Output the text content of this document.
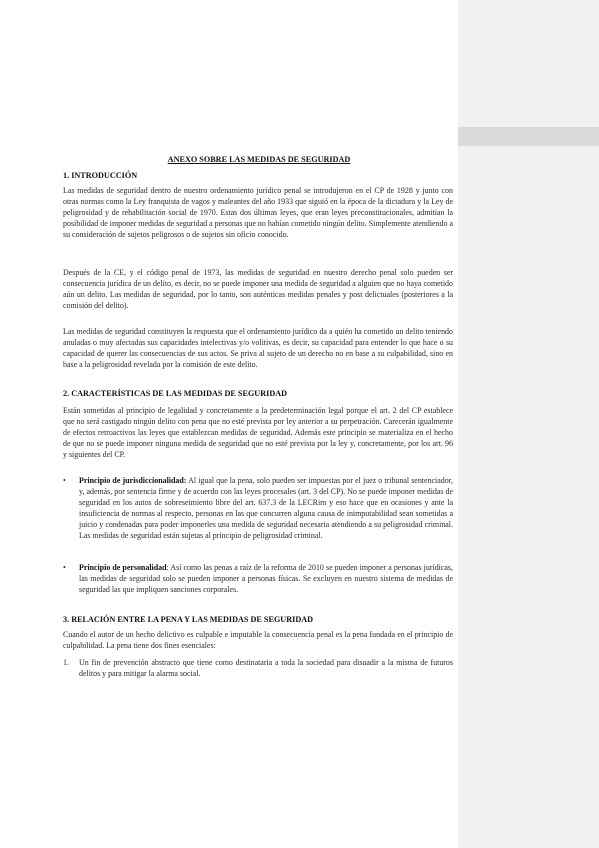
ANEXO SOBRE LAS MEDIDAS DE SEGURIDAD
1. INTRODUCCIÓN
Las medidas de seguridad dentro de nuestro ordenamiento jurídico penal se introdujeron en el CP de 1928 y junto con otras normas como la Ley franquista de vagos y maleantes del año 1933 que siguió en la época de la dictadura y la Ley de peligrosidad y de rehabilitación social de 1970. Estas dos últimas leyes, que eran leyes preconstitucionales, admitían la posibilidad de imponer medidas de seguridad a personas que no habían cometido ningún delito. Simplemente atendiendo a su consideración de sujetos peligrosos o de sujetos sin oficio conocido.
Después de la CE, y el código penal de 1973, las medidas de seguridad en nuestro derecho penal solo pueden ser consecuencia jurídica de un delito, es decir, no se puede imponer una medida de seguridad a alguien que no haya cometido aún un delito. Las medidas de seguridad, por lo tanto, son auténticas medidas penales y post delictuales (posteriores a la comisión del delito).
Las medidas de seguridad constituyen la respuesta que el ordenamiento jurídico da a quién ha cometido un delito teniendo anuladas o muy afectadas sus capacidades intelectivas y/o volitivas, es decir, su capacidad para entender lo que hace o su capacidad de querer las consecuencias de sus actos. Se priva al sujeto de un derecho no en base a su culpabilidad, sino en base a la peligrosidad revelada por la comisión de este delito.
2. CARACTERÍSTICAS DE LAS MEDIDAS DE SEGURIDAD
Están sometidas al principio de legalidad y concretamente a la predeterminación legal porque el art. 2 del CP establece que no será castigado ningún delito con pena que no esté prevista por ley anterior a su perpetración. Carecerán igualmente de efectos retroactivos las leyes que establezcan medidas de seguridad. Además este principio se materializa en el hecho de que no se puede imponer ninguna medida de seguridad que no esté prevista por la ley y, concretamente, por los art. 96 y siguientes del CP.
• Principio de jurisdiccionalidad: Al igual que la pena, solo pueden ser impuestas por el juez o tribunal sentenciador, y, además, por sentencia firme y de acuerdo con las leyes procesales (art. 3 del CP). No se puede imponer medidas de seguridad en los autos de sobreseimiento libre del art. 637.3 de la LECRim y eso hace que en ocasiones y ante la insuficiencia de normas al respecto, personas en las que concurren alguna causa de inimputabilidad sean sometidas a juicio y condenadas para poder imponerles una medida de seguridad necesaria atendiendo a su peligrosidad criminal. Las medidas de seguridad están sujetas al principio de peligrosidad criminal.
• Principio de personalidad: Así como las penas a raíz de la reforma de 2010 se pueden imponer a personas jurídicas, las medidas de seguridad solo se pueden imponer a personas físicas. Se excluyen en nuestro sistema de medidas de seguridad las que impliquen sanciones corporales.
3. RELACIÓN ENTRE LA PENA Y LAS MEDIDAS DE SEGURIDAD
Cuando el autor de un hecho delictivo es culpable e imputable la consecuencia penal es la pena fundada en el principio de culpabilidad. La pena tiene dos fines esenciales:
1. Un fin de prevención abstracto que tiene como destinataria a toda la sociedad para disuadir a la misma de futuros delitos y para mitigar la alarma social.
